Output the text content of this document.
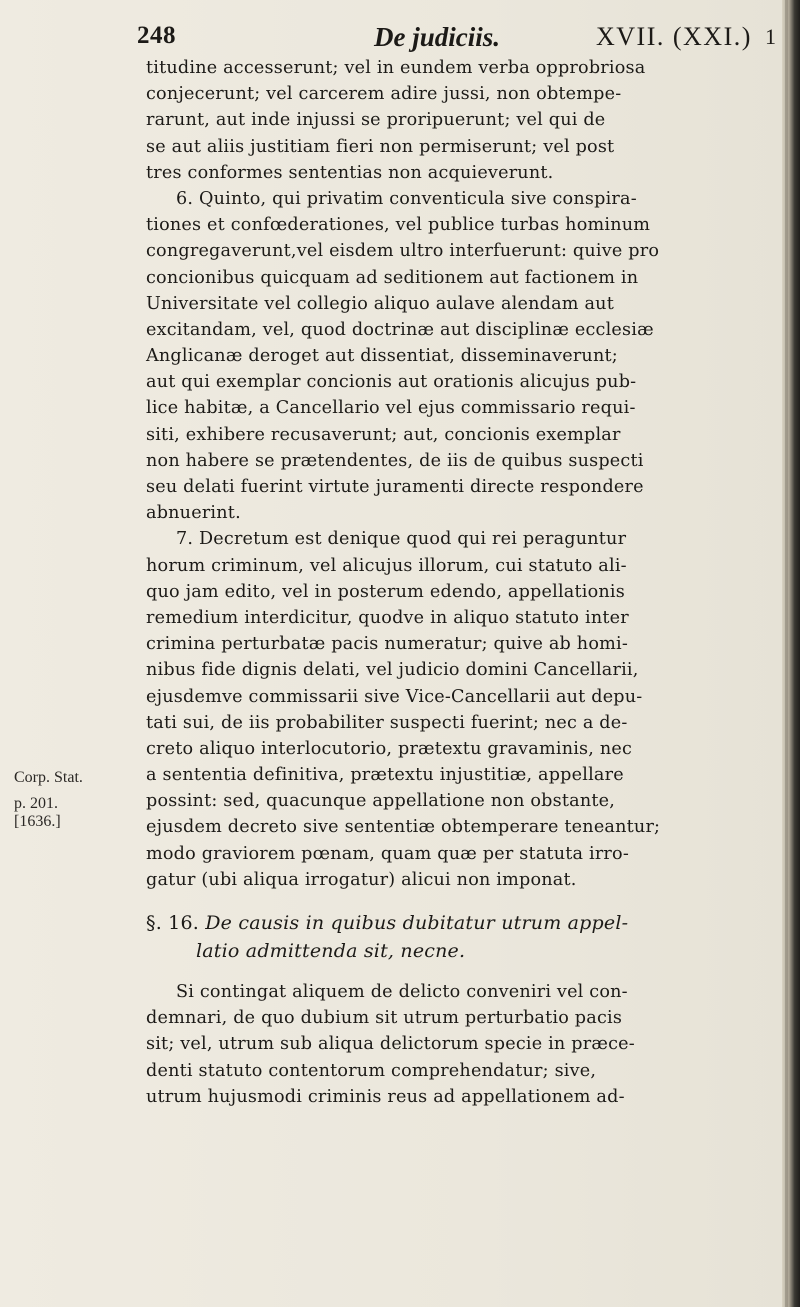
248	De judiciis.	XVII. (XXI.) 1
Corp. Stat.
p. 201.
[1636.]
titudine accesserunt; vel in eundem verba opprobriosa
conjecerunt; vel carcerem adire jussi, non obtempe-
rarunt, aut inde injussi se proripuerunt; vel qui de
se aut aliis justitiam fieri non permiserunt; vel post
tres conformes sententias non acquieverunt.
6. Quinto, qui privatim conventicula sive conspira-
tiones et confœderationes, vel publice turbas hominum
congregaverunt,vel eisdem ultro interfuerunt: quive pro
concionibus quicquam ad seditionem aut factionem in
Universitate vel collegio aliquo aulave alendam aut
excitandam, vel, quod doctrinæ aut disciplinæ ecclesiæ
Anglicanæ deroget aut dissentiat, disseminaverunt;
aut qui exemplar concionis aut orationis alicujus pub-
lice habitæ, a Cancellario vel ejus commissario requi-
siti, exhibere recusaverunt; aut, concionis exemplar
non habere se prætendentes, de iis de quibus suspecti
seu delati fuerint virtute juramenti directe respondere
abnuerint.
7. Decretum est denique quod qui rei peraguntur
horum criminum, vel alicujus illorum, cui statuto ali-
quo jam edito, vel in posterum edendo, appellationis
remedium interdicitur, quodve in aliquo statuto inter
crimina perturbatæ pacis numeratur; quive ab homi-
nibus fide dignis delati, vel judicio domini Cancellarii,
ejusdemve commissarii sive Vice-Cancellarii aut depu-
tati sui, de iis probabiliter suspecti fuerint; nec a de-
creto aliquo interlocutorio, prætextu gravaminis, nec
a sententia definitiva, prætextu injustitiæ, appellare
possint: sed, quacunque appellatione non obstante,
ejusdem decreto sive sententiæ obtemperare teneantur;
modo graviorem pœnam, quam quæ per statuta irro-
gatur (ubi aliqua irrogatur) alicui non imponat.
§. 16. De causis in quibus dubitatur utrum appel-
latio admittenda sit, necne.
Si contingat aliquem de delicto conveniri vel con-
demnari, de quo dubium sit utrum perturbatio pacis
sit; vel, utrum sub aliqua delictorum specie in præce-
denti statuto contentorum comprehendatur; sive,
utrum hujusmodi criminis reus ad appellationem ad-
